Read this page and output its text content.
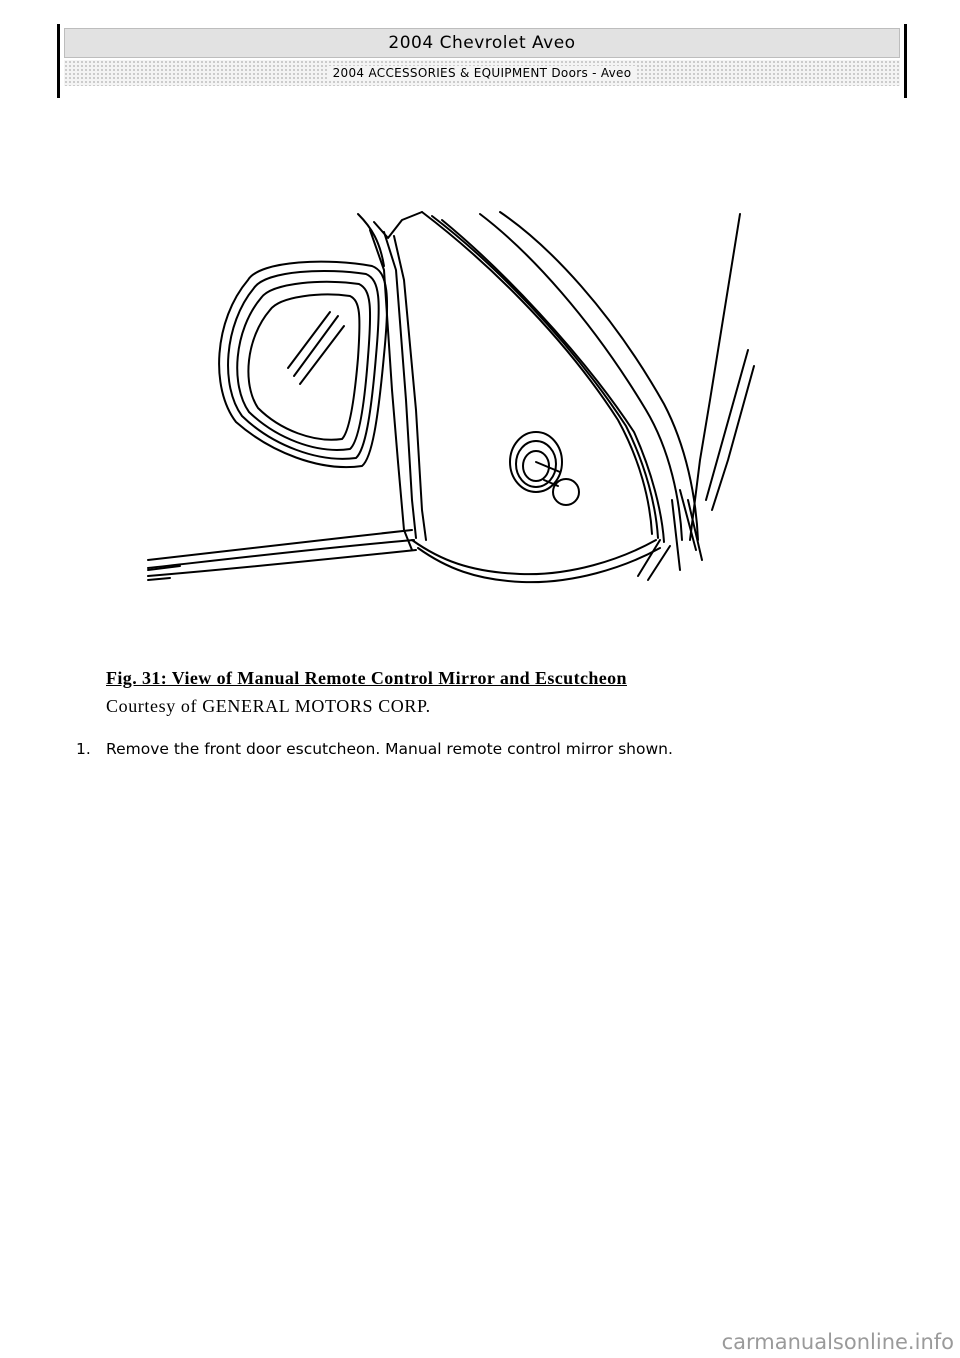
2004 Chevrolet Aveo
2004 ACCESSORIES & EQUIPMENT Doors - Aveo
Fig. 31: View of Manual Remote Control Mirror and Escutcheon
Courtesy of GENERAL MOTORS CORP.
1. Remove the front door escutcheon. Manual remote control mirror shown.
carmanualsonline.info
